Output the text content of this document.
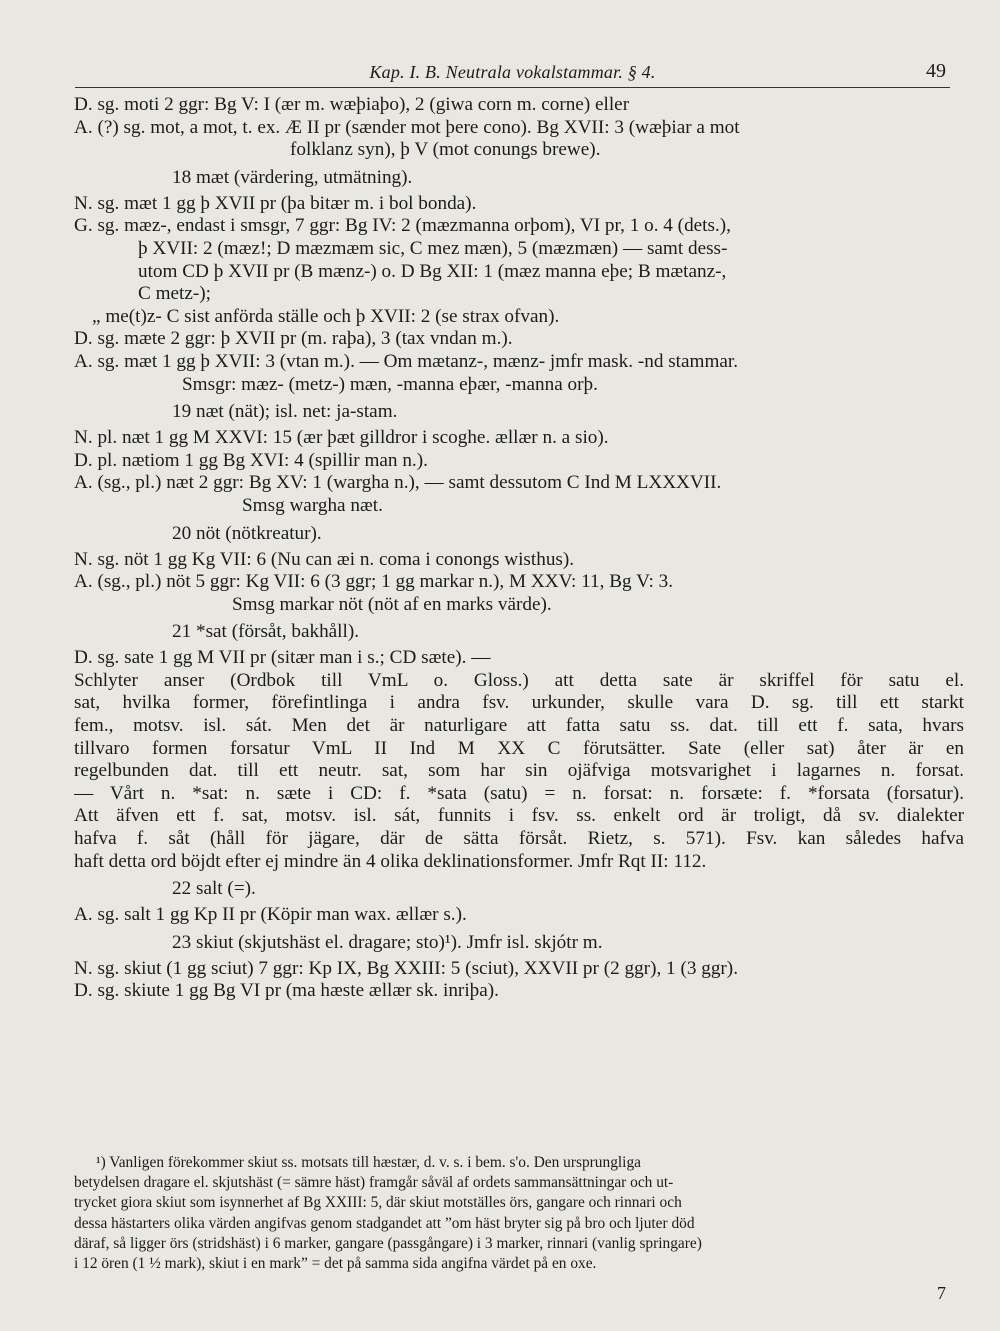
Kap. I. B. Neutrala vokalstammar. § 4.	49
D. sg. moti 2 ggr: Bg V: I (ær m. wæþiaþo), 2 (giwa corn m. corne) eller
A. (?) sg. mot, a mot, t. ex. Æ II pr (sænder mot þere cono). Bg XVII: 3 (wæþiar a mot
folklanz syn), þ V (mot conungs brewe).
18 mæt (värdering, utmätning).
N. sg. mæt 1 gg þ XVII pr (þa bitær m. i bol bonda).
G. sg. mæz-, endast i smsgr, 7 ggr: Bg IV: 2 (mæzmanna orþom), VI pr, 1 o. 4 (dets.),
þ XVII: 2 (mæz!; D mæzmæm sic, C mez mæn), 5 (mæzmæn) — samt dess-
utom CD þ XVII pr (B mænz-) o. D Bg XII: 1 (mæz manna eþe; B mætanz-,
C metz-);
„ me(t)z- C sist anförda ställe och þ XVII: 2 (se strax ofvan).
D. sg. mæte 2 ggr: þ XVII pr (m. raþa), 3 (tax vndan m.).
A. sg. mæt 1 gg þ XVII: 3 (vtan m.). — Om mætanz-, mænz- jmfr mask. -nd stammar.
Smsgr: mæz- (metz-) mæn, -manna eþær, -manna orþ.
19 næt (nät); isl. net: ja-stam.
N. pl. næt 1 gg M XXVI: 15 (ær þæt gilldror i scoghe. ællær n. a sio).
D. pl. nætiom 1 gg Bg XVI: 4 (spillir man n.).
A. (sg., pl.) næt 2 ggr: Bg XV: 1 (wargha n.), — samt dessutom C Ind M LXXXVII.
Smsg wargha næt.
20 nöt (nötkreatur).
N. sg. nöt 1 gg Kg VII: 6 (Nu can æi n. coma i conongs wisthus).
A. (sg., pl.) nöt 5 ggr: Kg VII: 6 (3 ggr; 1 gg markar n.), M XXV: 11, Bg V: 3.
Smsg markar nöt (nöt af en marks värde).
21 *sat (försåt, bakhåll).
D. sg. sate 1 gg M VII pr (sitær man i s.; CD sæte). —
Schlyter anser (Ordbok till VmL o. Gloss.) att detta sate är skriffel för satu el.
sat, hvilka former, förefintlinga i andra fsv. urkunder, skulle vara D. sg. till ett starkt
fem., motsv. isl. sát. Men det är naturligare att fatta satu ss. dat. till ett f. sata, hvars
tillvaro formen forsatur VmL II Ind M XX C förutsätter. Sate (eller sat) åter är en
regelbunden dat. till ett neutr. sat, som har sin ojäfviga motsvarighet i lagarnes n. forsat.
— Vårt n. *sat: n. sæte i CD: f. *sata (satu) = n. forsat: n. forsæte: f. *forsata (forsatur).
Att äfven ett f. sat, motsv. isl. sát, funnits i fsv. ss. enkelt ord är troligt, då sv. dialekter
hafva f. såt (håll för jägare, där de sätta försåt. Rietz, s. 571). Fsv. kan således hafva
haft detta ord böjdt efter ej mindre än 4 olika deklinationsformer. Jmfr Rqt II: 112.
22 salt (=).
A. sg. salt 1 gg Kp II pr (Köpir man wax. ællær s.).
23 skiut (skjutshäst el. dragare; sto)¹). Jmfr isl. skjótr m.
N. sg. skiut (1 gg sciut) 7 ggr: Kp IX, Bg XXIII: 5 (sciut), XXVII pr (2 ggr), 1 (3 ggr).
D. sg. skiute 1 gg Bg VI pr (ma hæste ællær sk. inriþa).
¹) Vanligen förekommer skiut ss. motsats till hæstær, d. v. s. i bem. s'o. Den ursprungliga
betydelsen dragare el. skjutshäst (= sämre häst) framgår såväl af ordets sammansättningar och ut-
trycket giora skiut som isynnerhet af Bg XXIII: 5, där skiut motställes örs, gangare och rinnari och
dessa hästarters olika värden angifvas genom stadgandet att ”om häst bryter sig på bro och ljuter död
däraf, så ligger örs (stridshäst) i 6 marker, gangare (passgångare) i 3 marker, rinnari (vanlig springare)
i 12 ören (1 ½ mark), skiut i en mark” = det på samma sida angifna värdet på en oxe.
7
